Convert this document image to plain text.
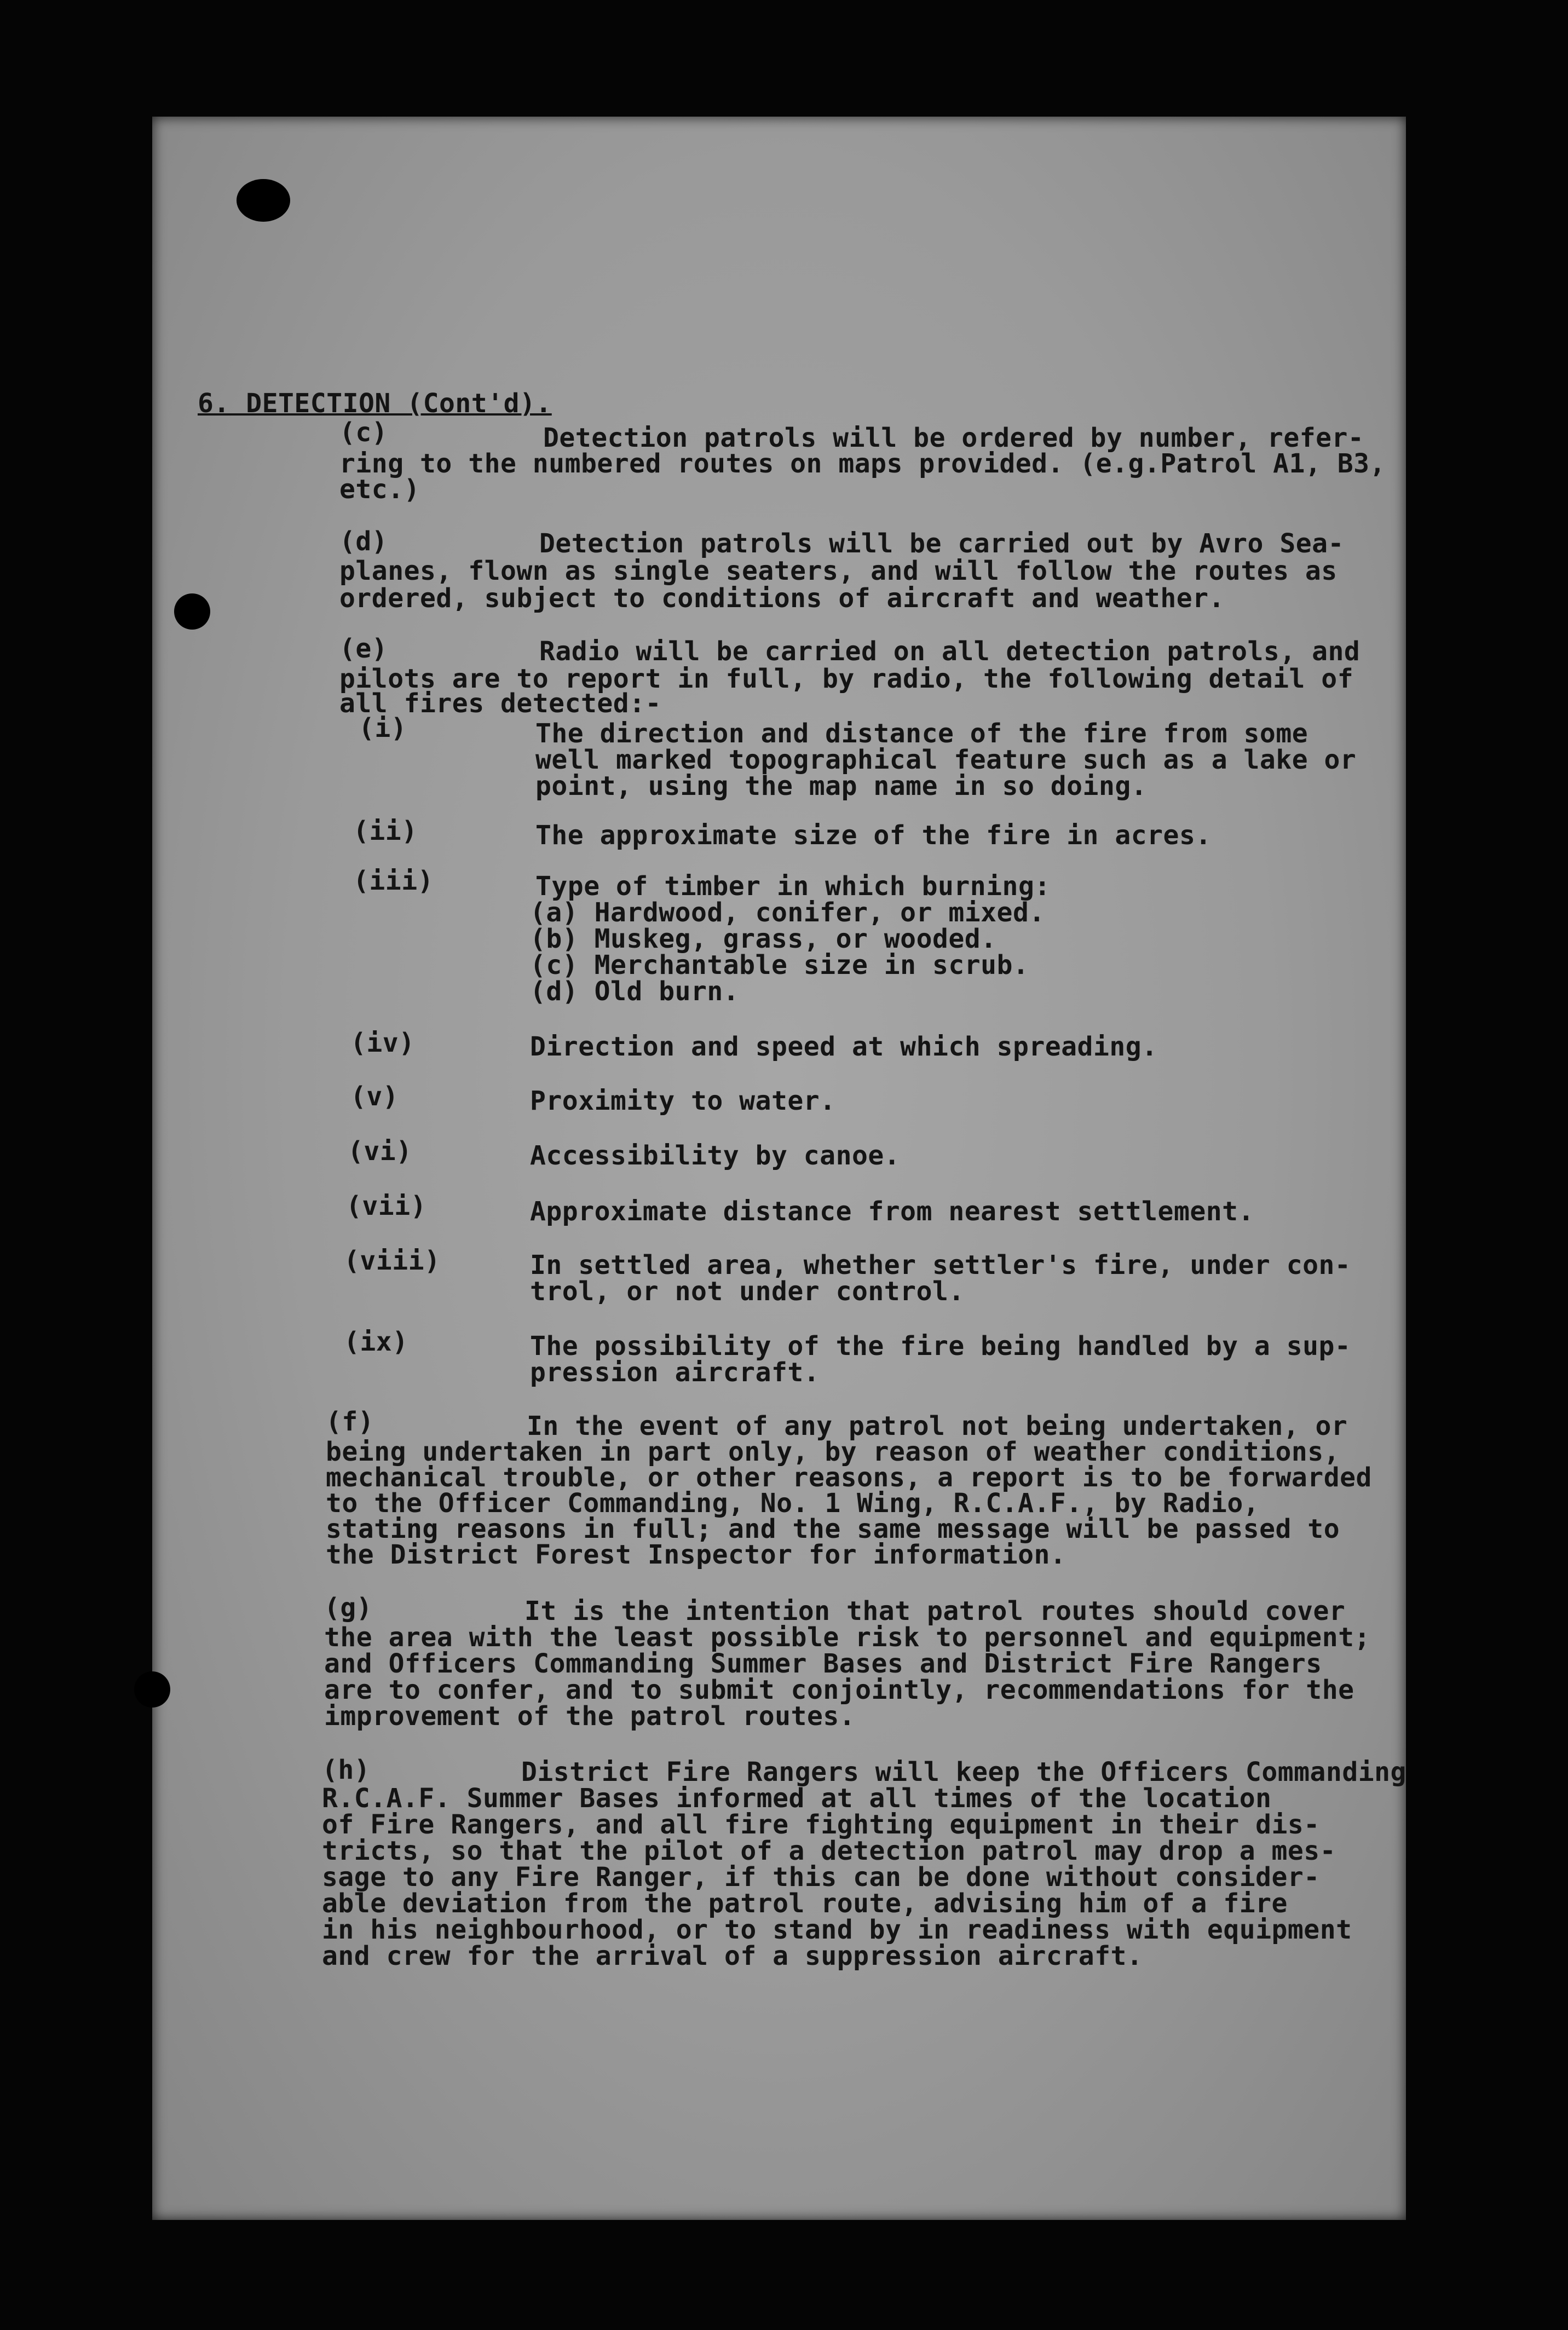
6. DETECTION (Cont'd).
(c)	Detection patrols will be ordered by number, refer-
ring to the numbered routes on maps provided. (e.g.Patrol A1, B3,
etc.)
(d)	Detection patrols will be carried out by Avro Sea-
planes, flown as single seaters, and will follow the routes as
ordered, subject to conditions of aircraft and weather.
(e)	Radio will be carried on all detection patrols, and
pilots are to report in full, by radio, the following detail of
all fires detected:-
(i)	The direction and distance of the fire from some
well marked topographical feature such as a lake or
point, using the map name in so doing.
(ii)	The approximate size of the fire in acres.
(iii)	Type of timber in which burning:
(a) Hardwood, conifer, or mixed.
(b) Muskeg, grass, or wooded.
(c) Merchantable size in scrub.
(d) Old burn.
(iv)	Direction and speed at which spreading.
(v)	Proximity to water.
(vi)	Accessibility by canoe.
(vii)	Approximate distance from nearest settlement.
(viii)	In settled area, whether settler's fire, under con-
trol, or not under control.
(ix)	The possibility of the fire being handled by a sup-
pression aircraft.
(f)	In the event of any patrol not being undertaken, or
being undertaken in part only, by reason of weather conditions,
mechanical trouble, or other reasons, a report is to be forwarded
to the Officer Commanding, No. 1 Wing, R.C.A.F., by Radio,
stating reasons in full; and the same message will be passed to
the District Forest Inspector for information.
(g)	It is the intention that patrol routes should cover
the area with the least possible risk to personnel and equipment;
and Officers Commanding Summer Bases and District Fire Rangers
are to confer, and to submit conjointly, recommendations for the
improvement of the patrol routes.
(h)	District Fire Rangers will keep the Officers Commanding
R.C.A.F. Summer Bases informed at all times of the location
of Fire Rangers, and all fire fighting equipment in their dis-
tricts, so that the pilot of a detection patrol may drop a mes-
sage to any Fire Ranger, if this can be done without consider-
able deviation from the patrol route, advising him of a fire
in his neighbourhood, or to stand by in readiness with equipment
and crew for the arrival of a suppression aircraft.
